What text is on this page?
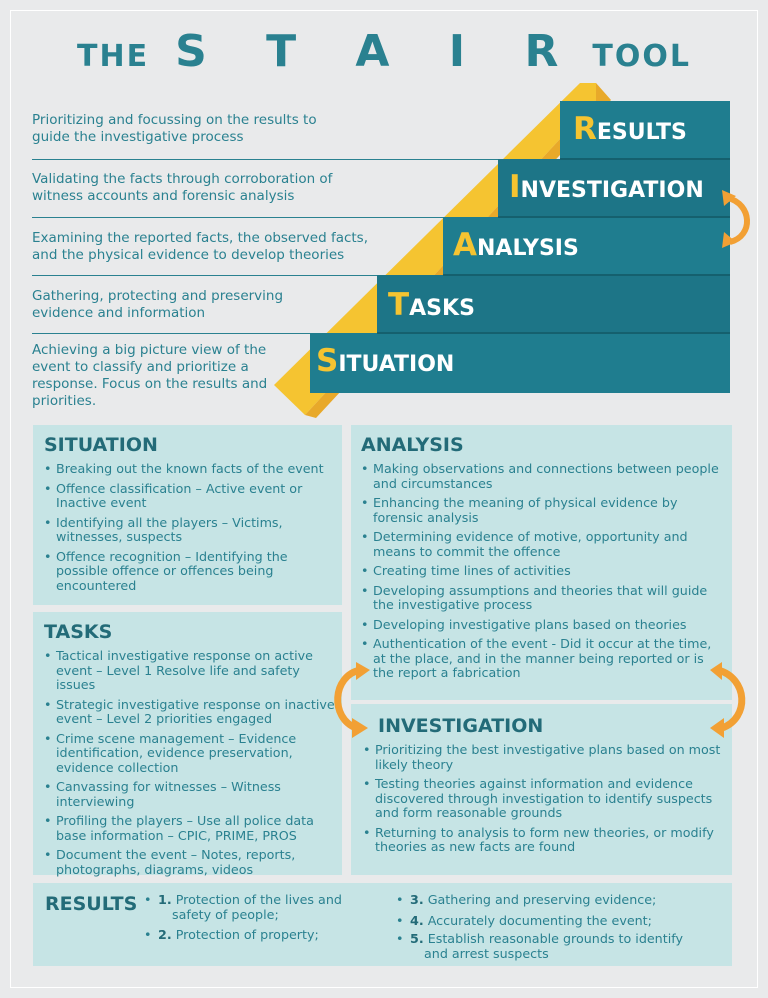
THE S T A I R TOOL
Prioritizing and focussing on the results to guide the investigative process
Validating the facts through corroboration of witness accounts and forensic analysis
Examining the reported facts, the observed facts, and the physical evidence to develop theories
Gathering, protecting and preserving evidence and information
Achieving a big picture view of the event to classify and prioritize a response. Focus on the results and priorities.
RESULTS
INVESTIGATION
ANALYSIS
TASKS
SITUATION
SITUATION
• Breaking out the known facts of the event
• Offence classification – Active event or Inactive event
• Identifying all the players – Victims, witnesses, suspects
• Offence recognition – Identifying the possible offence or offences being encountered
TASKS
• Tactical investigative response on active event – Level 1 Resolve life and safety issues
• Strategic investigative response on inactive event – Level 2 priorities engaged
• Crime scene management – Evidence identification, evidence preservation, evidence collection
• Canvassing for witnesses – Witness interviewing
• Profiling the players – Use all police data base information – CPIC, PRIME, PROS
• Document the event – Notes, reports, photographs, diagrams, videos
ANALYSIS
• Making observations and connections between people and circumstances
• Enhancing the meaning of physical evidence by forensic analysis
• Determining evidence of motive, opportunity and means to commit the offence
• Creating time lines of activities
• Developing assumptions and theories that will guide the investigative process
• Developing investigative plans based on theories
• Authentication of the event - Did it occur at the time, at the place, and in the manner being reported or is the report a fabrication
INVESTIGATION
• Prioritizing the best investigative plans based on most likely theory
• Testing theories against information and evidence discovered through investigation to identify suspects and form reasonable grounds
• Returning to analysis to form new theories, or modify theories as new facts are found
RESULTS
• 1. Protection of the lives and safety of people;
• 2. Protection of property;
• 3. Gathering and preserving evidence;
• 4. Accurately documenting the event;
• 5. Establish reasonable grounds to identify and arrest suspects
